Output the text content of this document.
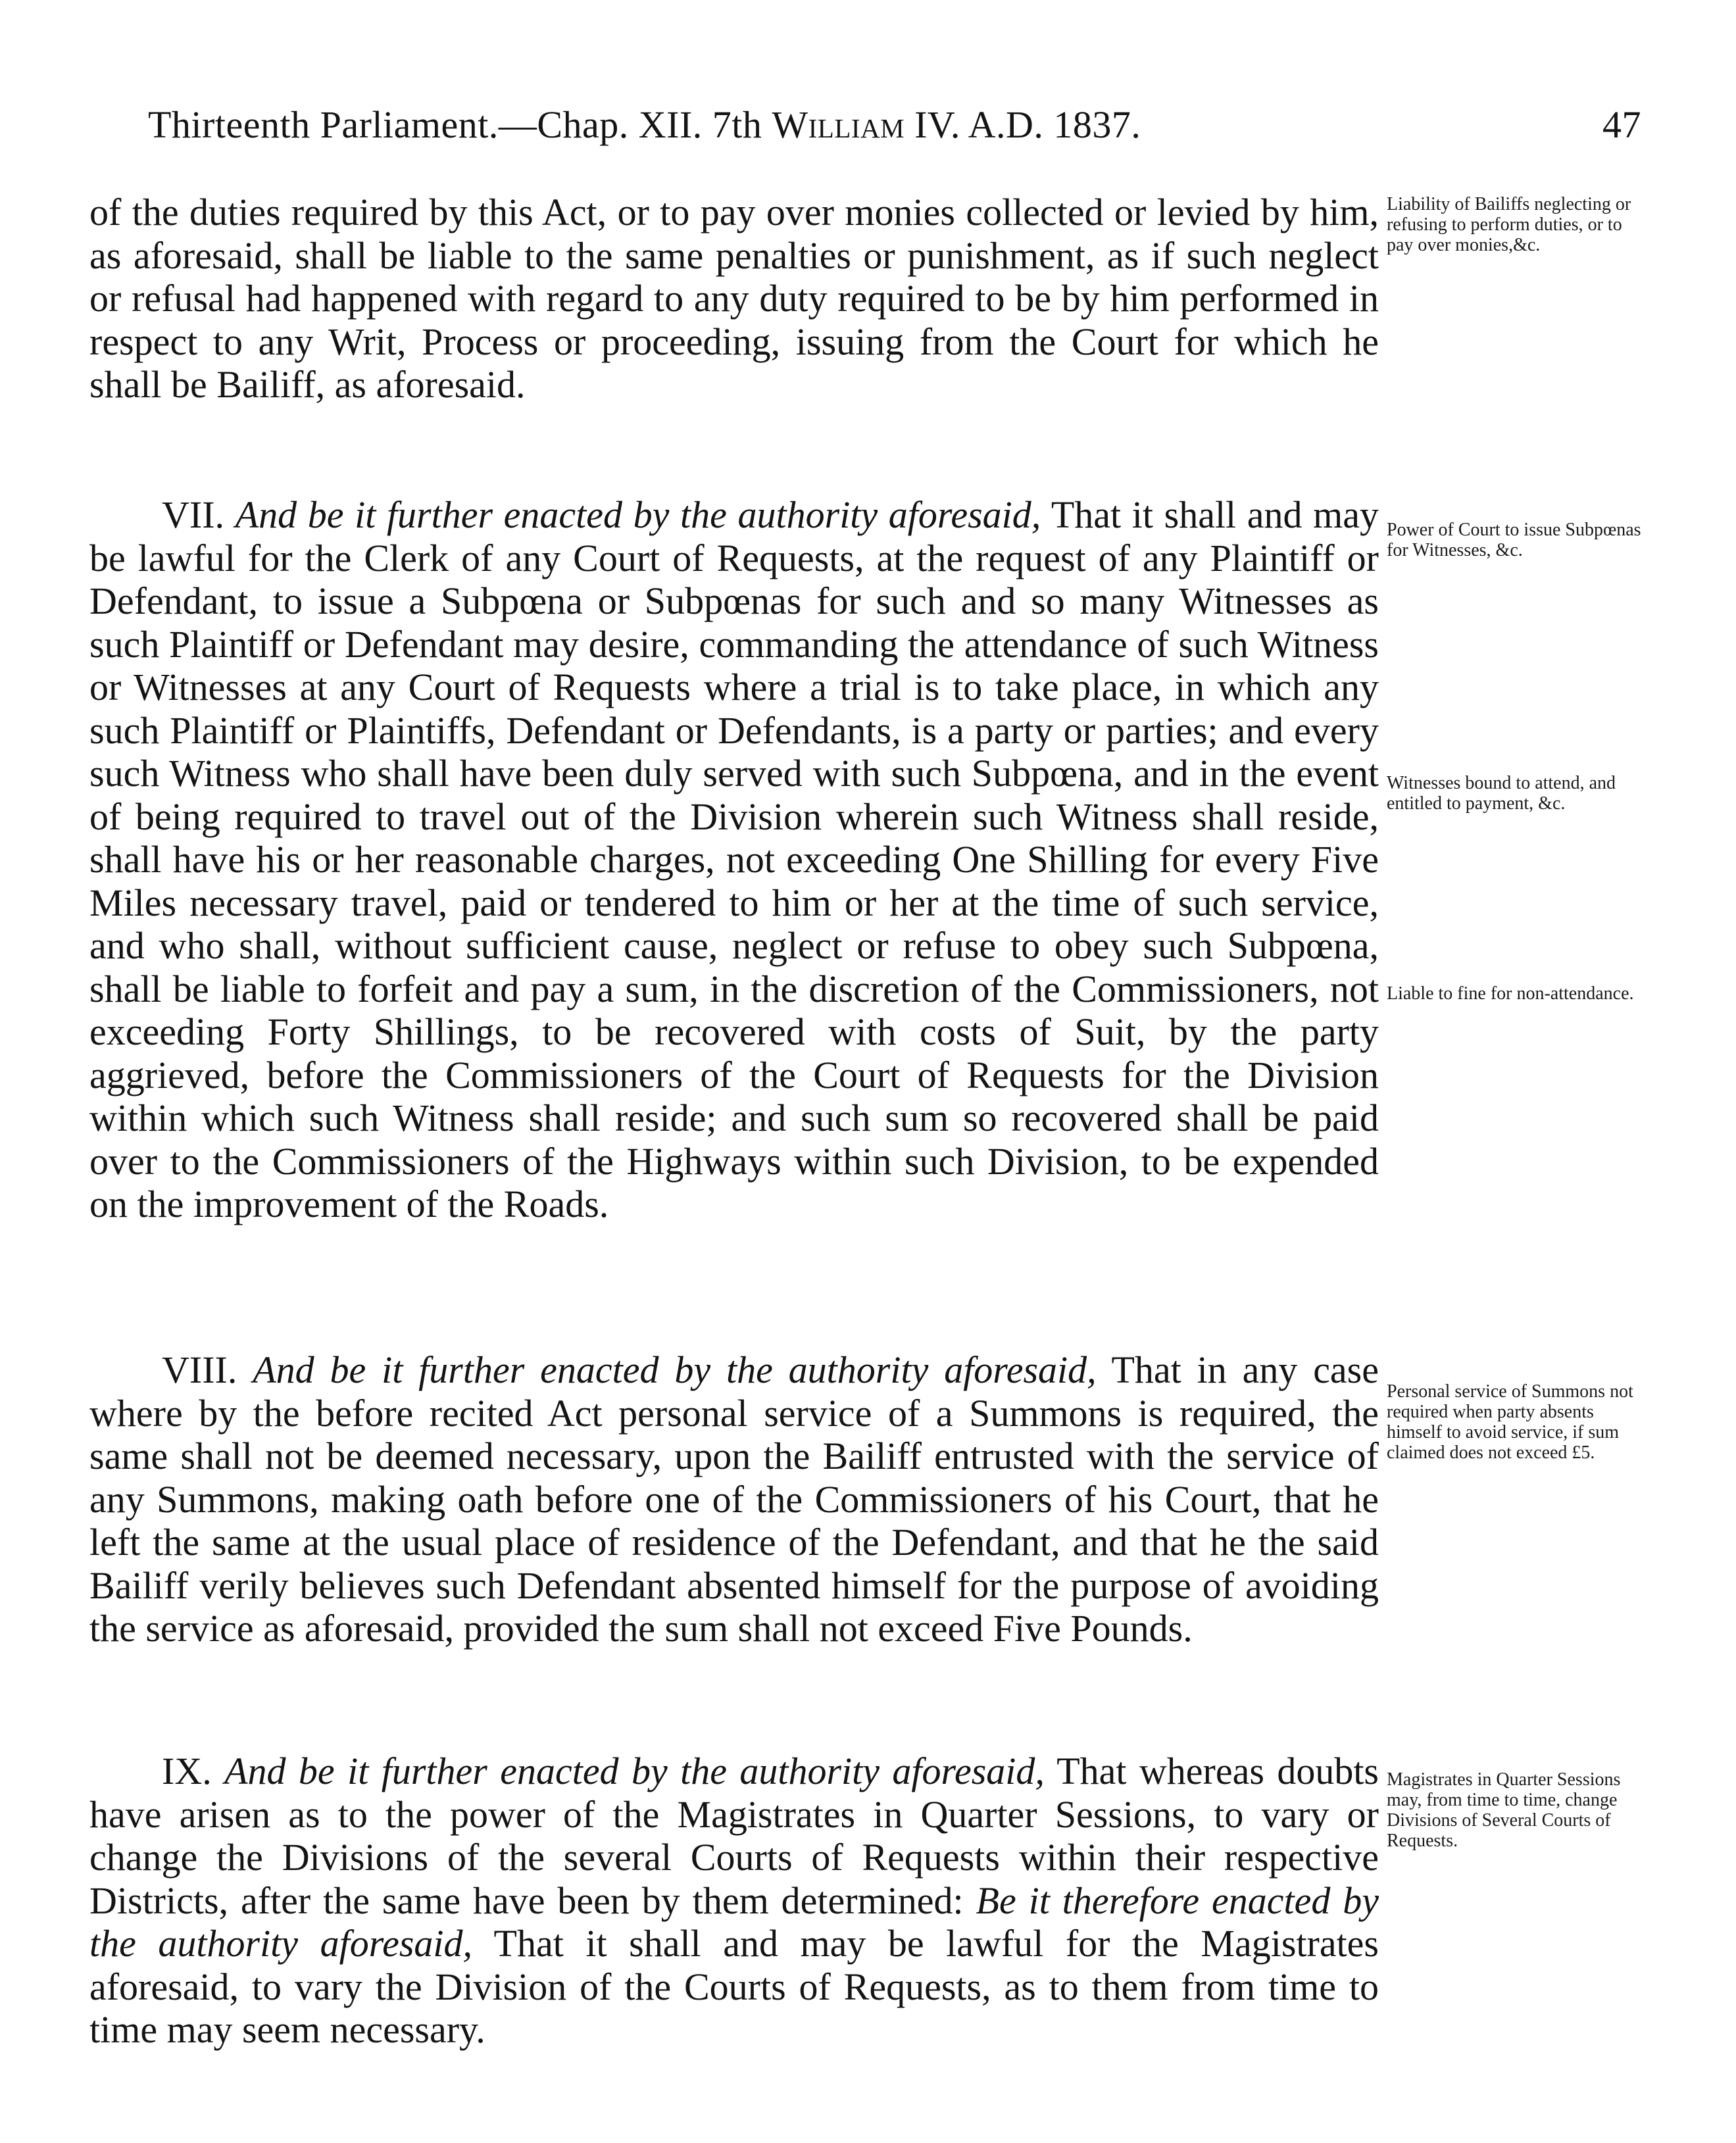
Thirteenth Parliament.—Chap. XII. 7th William IV. A.D. 1837.	47

of the duties required by this Act, or to pay over monies collected or levied by him, as aforesaid, shall be liable to the same penalties or punishment, as if such neglect or refusal had happened with regard to any duty required to be by him performed in respect to any Writ, Process or proceeding, issuing from the Court for which he shall be Bailiff, as aforesaid.

VII. And be it further enacted by the authority aforesaid, That it shall and may be lawful for the Clerk of any Court of Requests, at the request of any Plaintiff or Defendant, to issue a Subpœna or Subpœnas for such and so many Witnesses as such Plaintiff or Defendant may desire, commanding the attendance of such Witness or Witnesses at any Court of Requests where a trial is to take place, in which any such Plaintiff or Plaintiffs, Defendant or Defendants, is a party or parties; and every such Witness who shall have been duly served with such Subpœna, and in the event of being required to travel out of the Division wherein such Witness shall reside, shall have his or her reasonable charges, not exceeding One Shilling for every Five Miles necessary travel, paid or tendered to him or her at the time of such service, and who shall, without sufficient cause, neglect or refuse to obey such Subpœna, shall be liable to forfeit and pay a sum, in the discretion of the Commissioners, not exceeding Forty Shillings, to be recovered with costs of Suit, by the party aggrieved, before the Commissioners of the Court of Requests for the Division within which such Witness shall reside; and such sum so recovered shall be paid over to the Commissioners of the Highways within such Division, to be expended on the improvement of the Roads.

VIII. And be it further enacted by the authority aforesaid, That in any case where by the before recited Act personal service of a Summons is required, the same shall not be deemed necessary, upon the Bailiff entrusted with the service of any Summons, making oath before one of the Commissioners of his Court, that he left the same at the usual place of residence of the Defendant, and that he the said Bailiff verily believes such Defendant absented himself for the purpose of avoiding the service as aforesaid, provided the sum shall not exceed Five Pounds.

IX. And be it further enacted by the authority aforesaid, That whereas doubts have arisen as to the power of the Magistrates in Quarter Sessions, to vary or change the Divisions of the several Courts of Requests within their respective Districts, after the same have been by them determined: Be it therefore enacted by the authority aforesaid, That it shall and may be lawful for the Magistrates aforesaid, to vary the Division of the Courts of Requests, as to them from time to time may seem necessary.

Liability of Bailiffs neglecting or refusing to perform duties, or to pay over monies,&c.
Power of Court to issue Subpœnas for Witnesses, &c.
Witnesses bound to attend, and entitled to payment, &c.
Liable to fine for non-attendance.
Personal service of Summons not required when party absents himself to avoid service, if sum claimed does not exceed £5.
Magistrates in Quarter Sessions may, from time to time, change Divisions of Several Courts of Requests.
